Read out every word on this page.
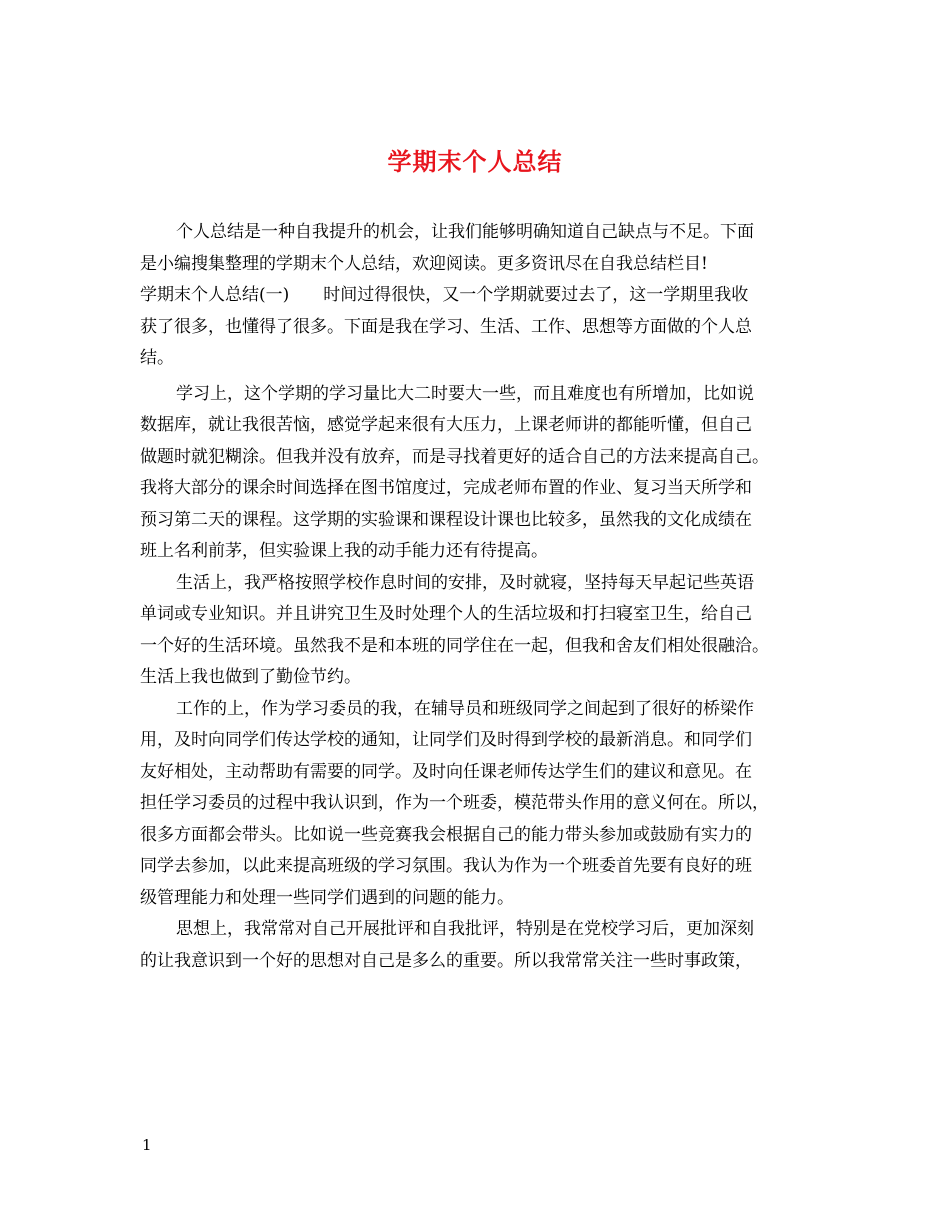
学期末个人总结
个人总结是一种自我提升的机会，让我们能够明确知道自己缺点与不足。下面
是小编搜集整理的学期末个人总结，欢迎阅读。更多资讯尽在自我总结栏目!
学期末个人总结(一)　　时间过得很快，又一个学期就要过去了，这一学期里我收
获了很多，也懂得了很多。下面是我在学习、生活、工作、思想等方面做的个人总
结。
学习上，这个学期的学习量比大二时要大一些，而且难度也有所增加，比如说
数据库，就让我很苦恼，感觉学起来很有大压力，上课老师讲的都能听懂，但自己
做题时就犯糊涂。但我并没有放弃，而是寻找着更好的适合自己的方法来提高自己。
我将大部分的课余时间选择在图书馆度过，完成老师布置的作业、复习当天所学和
预习第二天的课程。这学期的实验课和课程设计课也比较多，虽然我的文化成绩在
班上名利前茅，但实验课上我的动手能力还有待提高。
生活上，我严格按照学校作息时间的安排，及时就寝，坚持每天早起记些英语
单词或专业知识。并且讲究卫生及时处理个人的生活垃圾和打扫寝室卫生，给自己
一个好的生活环境。虽然我不是和本班的同学住在一起，但我和舍友们相处很融洽。
生活上我也做到了勤俭节约。
工作的上，作为学习委员的我，在辅导员和班级同学之间起到了很好的桥梁作
用，及时向同学们传达学校的通知，让同学们及时得到学校的最新消息。和同学们
友好相处，主动帮助有需要的同学。及时向任课老师传达学生们的建议和意见。在
担任学习委员的过程中我认识到，作为一个班委，模范带头作用的意义何在。所以，
很多方面都会带头。比如说一些竞赛我会根据自己的能力带头参加或鼓励有实力的
同学去参加，以此来提高班级的学习氛围。我认为作为一个班委首先要有良好的班
级管理能力和处理一些同学们遇到的问题的能力。
思想上，我常常对自己开展批评和自我批评，特别是在党校学习后，更加深刻
的让我意识到一个好的思想对自己是多么的重要。所以我常常关注一些时事政策，
1
